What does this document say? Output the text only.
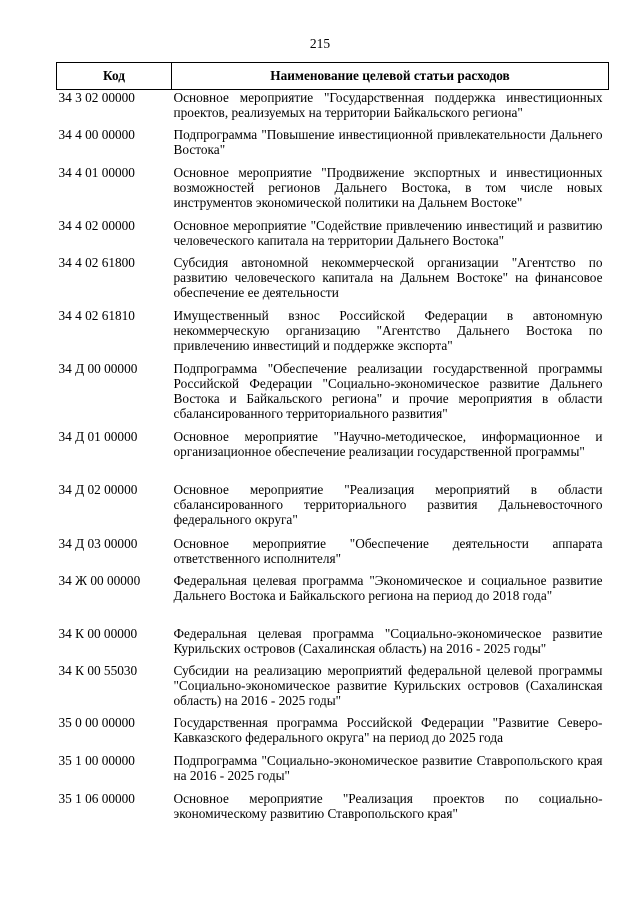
215
Код	Наименование целевой статьи расходов
34 3 02 00000	Основное мероприятие "Государственная поддержка инвестиционных проектов, реализуемых на территории Байкальского региона"
34 4 00 00000	Подпрограмма "Повышение инвестиционной привлекательности Дальнего Востока"
34 4 01 00000	Основное мероприятие "Продвижение экспортных и инвестиционных возможностей регионов Дальнего Востока, в том числе новых инструментов экономической политики на Дальнем Востоке"
34 4 02 00000	Основное мероприятие "Содействие привлечению инвестиций и развитию человеческого капитала на территории Дальнего Востока"
34 4 02 61800	Субсидия автономной некоммерческой организации "Агентство по развитию человеческого капитала на Дальнем Востоке" на финансовое обеспечение ее деятельности
34 4 02 61810	Имущественный взнос Российской Федерации в автономную некоммерческую организацию "Агентство Дальнего Востока по привлечению инвестиций и поддержке экспорта"
34 Д 00 00000	Подпрограмма "Обеспечение реализации государственной программы Российской Федерации "Социально-экономическое развитие Дальнего Востока и Байкальского региона" и прочие мероприятия в области сбалансированного территориального развития"
34 Д 01 00000	Основное мероприятие "Научно-методическое, информационное и организационное обеспечение реализации государственной программы"
34 Д 02 00000	Основное мероприятие "Реализация мероприятий в области сбалансированного территориального развития Дальневосточного федерального округа"
34 Д 03 00000	Основное мероприятие "Обеспечение деятельности аппарата ответственного исполнителя"
34 Ж 00 00000	Федеральная целевая программа "Экономическое и социальное развитие Дальнего Востока и Байкальского региона на период до 2018 года"
34 К 00 00000	Федеральная целевая программа "Социально-экономическое развитие Курильских островов (Сахалинская область) на 2016 - 2025 годы"
34 К 00 55030	Субсидии на реализацию мероприятий федеральной целевой программы "Социально-экономическое развитие Курильских островов (Сахалинская область) на 2016 - 2025 годы"
35 0 00 00000	Государственная программа Российской Федерации "Развитие Северо-Кавказского федерального округа" на период до 2025 года
35 1 00 00000	Подпрограмма "Социально-экономическое развитие Ставропольского края на 2016 - 2025 годы"
35 1 06 00000	Основное мероприятие "Реализация проектов по социально-экономическому развитию Ставропольского края"
